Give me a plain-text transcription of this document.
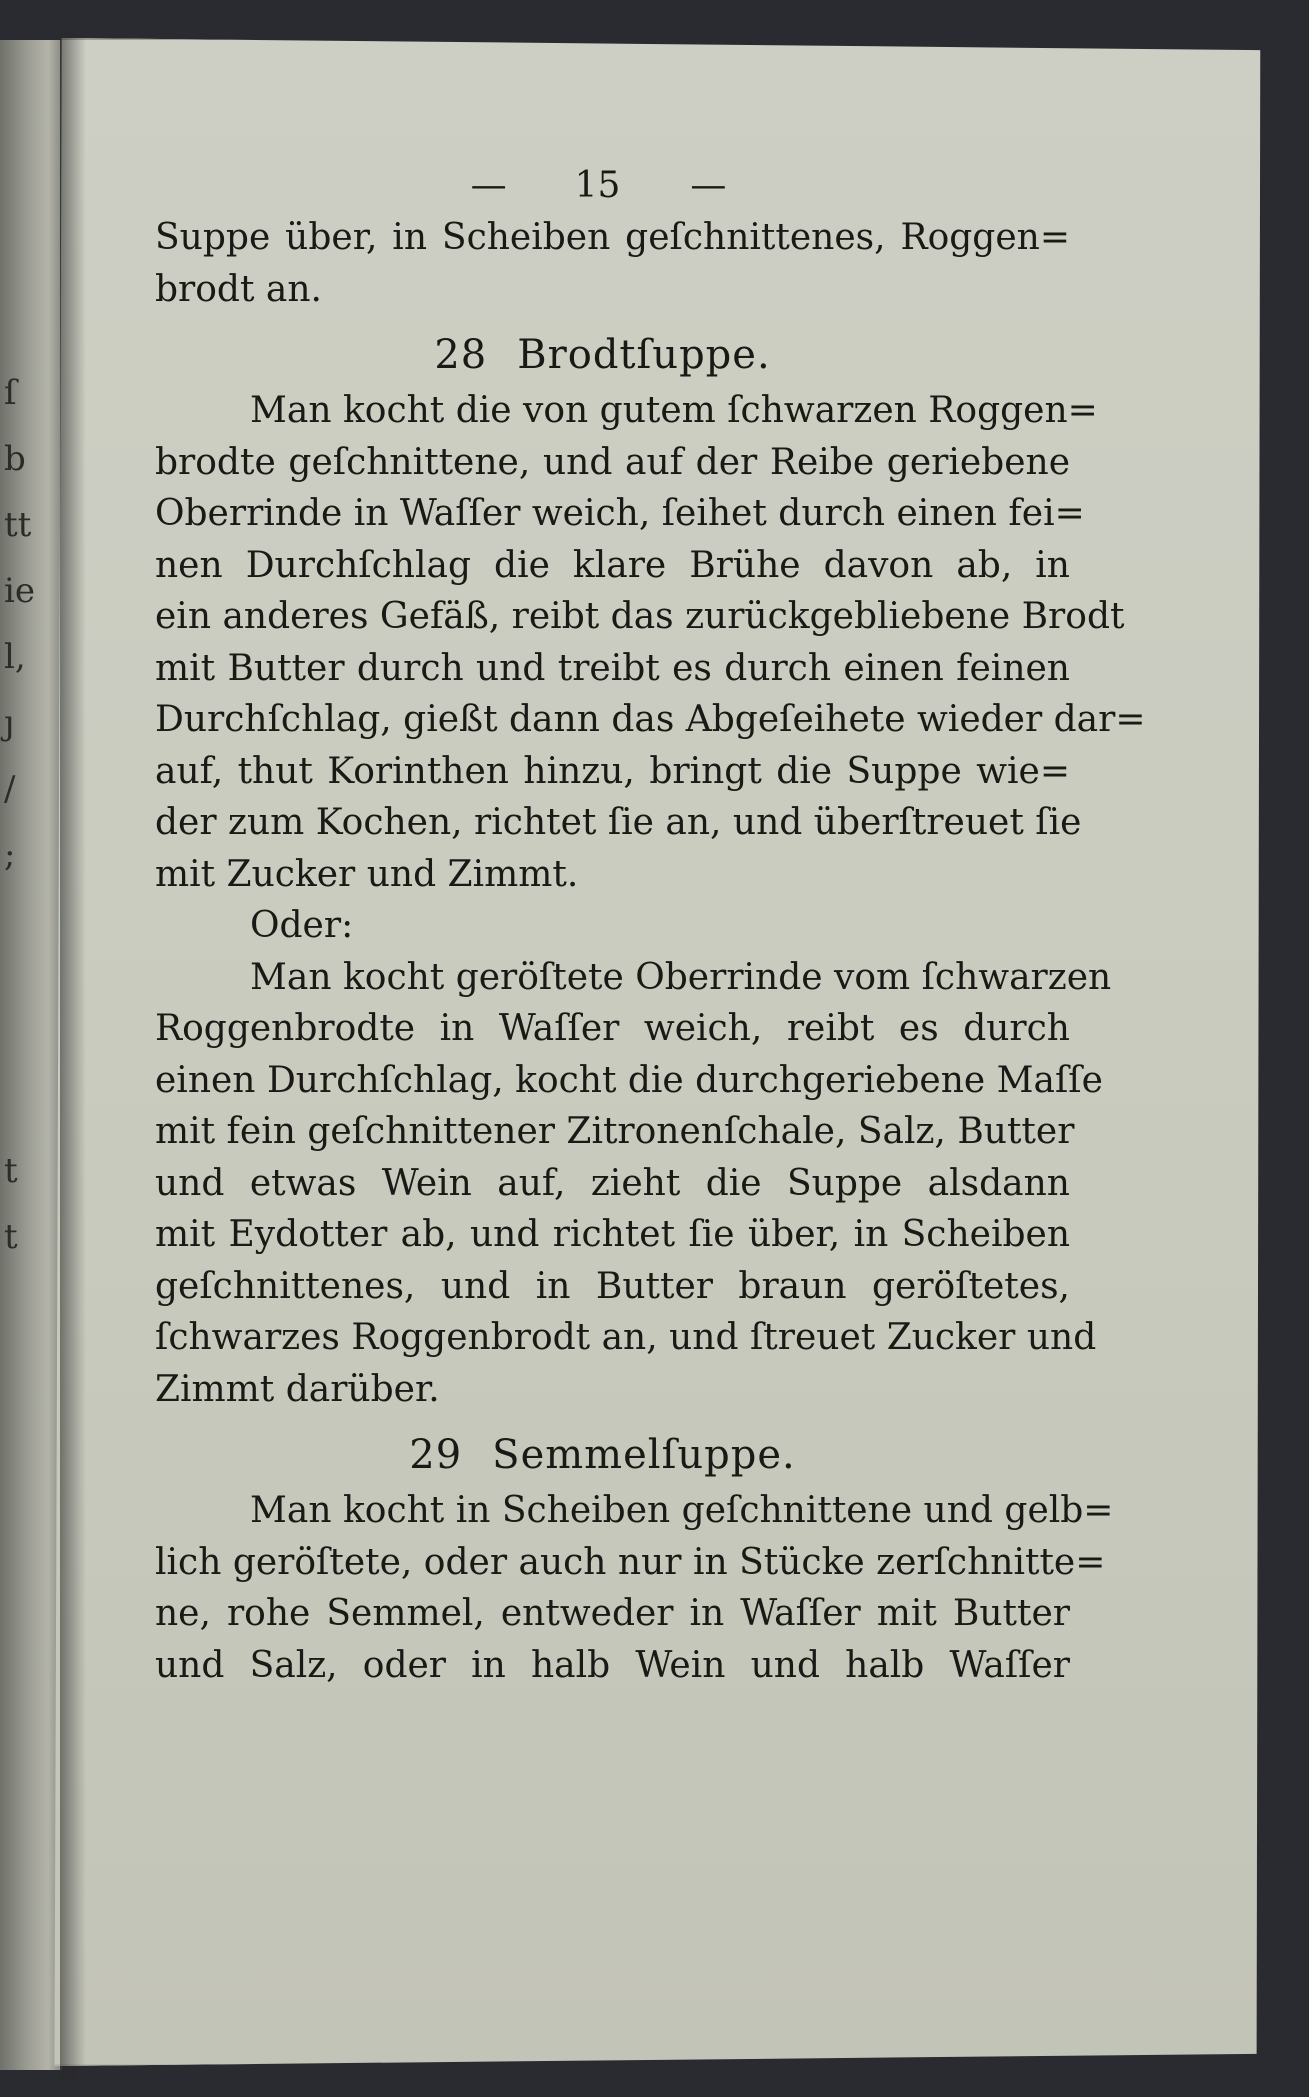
ſ
b
tt
ie
l,
ȷ
/
;
t
t
— 15 —
Suppe über, in Scheiben geſchnittenes, Roggen=
brodt an.
28 Brodtſuppe.
Man kocht die von gutem ſchwarzen Roggen=
brodte geſchnittene, und auf der Reibe geriebene
Oberrinde in Waſſer weich, ſeihet durch einen fei=
nen Durchſchlag die klare Brühe davon ab, in
ein anderes Gefäß, reibt das zurückgebliebene Brodt
mit Butter durch und treibt es durch einen feinen
Durchſchlag, gießt dann das Abgeſeihete wieder dar=
auf, thut Korinthen hinzu, bringt die Suppe wie=
der zum Kochen, richtet ſie an, und überſtreuet ſie
mit Zucker und Zimmt.
Oder:
Man kocht geröſtete Oberrinde vom ſchwarzen
Roggenbrodte in Waſſer weich, reibt es durch
einen Durchſchlag, kocht die durchgeriebene Maſſe
mit fein geſchnittener Zitronenſchale, Salz, Butter
und etwas Wein auf, zieht die Suppe alsdann
mit Eydotter ab, und richtet ſie über, in Scheiben
geſchnittenes, und in Butter braun geröſtetes,
ſchwarzes Roggenbrodt an, und ſtreuet Zucker und
Zimmt darüber.
29 Semmelſuppe.
Man kocht in Scheiben geſchnittene und gelb=
lich geröſtete, oder auch nur in Stücke zerſchnitte=
ne, rohe Semmel, entweder in Waſſer mit Butter
und Salz, oder in halb Wein und halb Waſſer
